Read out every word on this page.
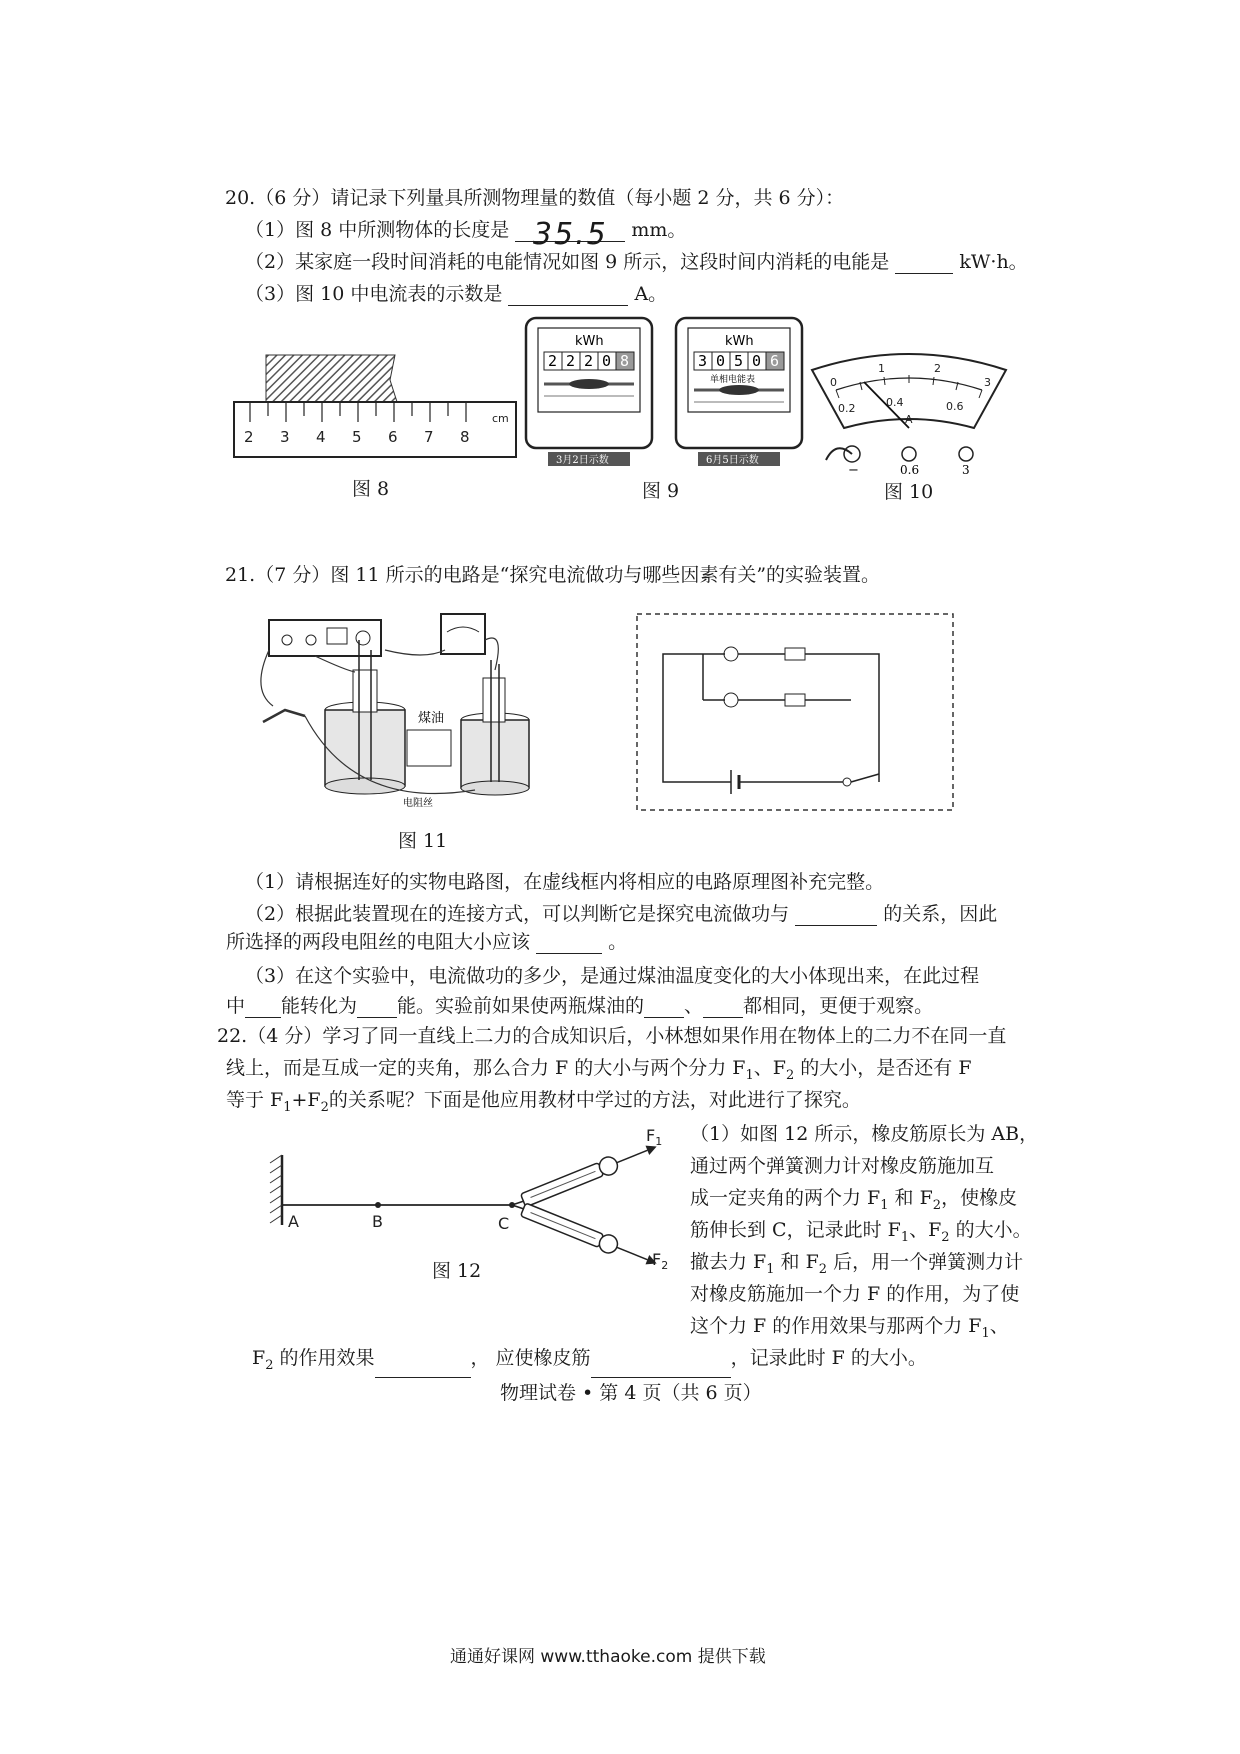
20.（6 分）请记录下列量具所测物理量的数值（每小题 2 分，共 6 分）：
（1）图 8 中所测物体的长度是 35.5 mm。
（2）某家庭一段时间消耗的电能情况如图 9 所示，这段时间内消耗的电能是	kW·h。
（3）图 10 中电流表的示数是	A。
2 3 4 5 6 7 8
cm
图 8
kWh
2 2 2 0 8
3月2日示数
kWh
3 0 5 0 6
单相电能表
6月5日示数
图 9
0
1	2
3
0.2	0.4	0.6
A
−	0.6	3
图 10
21.（7 分）图 11 所示的电路是“探究电流做功与哪些因素有关”的实验装置。
煤油
电阻丝
图 11
（1）请根据连好的实物电路图，在虚线框内将相应的电路原理图补充完整。
（2）根据此装置现在的连接方式，可以判断它是探究电流做功与	的关系，因此
所选择的两段电阻丝的电阻大小应该	。
（3）在这个实验中，电流做功的多少，是通过煤油温度变化的大小体现出来，在此过程
中 能转化为 能。实验前如果使两瓶煤油的 、 都相同，更便于观察。
22.（4 分）学习了同一直线上二力的合成知识后，小林想如果作用在物体上的二力不在同一直
线上，而是互成一定的夹角，那么合力 F 的大小与两个分力 $F_1$、$F_2$ 的大小，是否还有 F
等于 $F_1+F_2$的关系呢？下面是他应用教材中学过的方法，对此进行了探究。
A	B	C
$F_1$
$F_2$
图 12
（1）如图 12 所示，橡皮筋原长为 AB，
通过两个弹簧测力计对橡皮筋施加互
成一定夹角的两个力 $F_1$ 和 $F_2$，使橡皮
筋伸长到 C，记录此时 $F_1$、$F_2$ 的大小。
撤去力 $F_1$ 和 $F_2$ 后，用一个弹簧测力计
对橡皮筋施加一个力 F 的作用，为了使
这个力 F 的作用效果与那两个力 $F_1$、
$F_2$ 的作用效果	， 应使橡皮筋	，记录此时 F 的大小。
物理试卷 • 第 4 页（共 6 页）
通通好课网 www.tthaoke.com 提供下载
